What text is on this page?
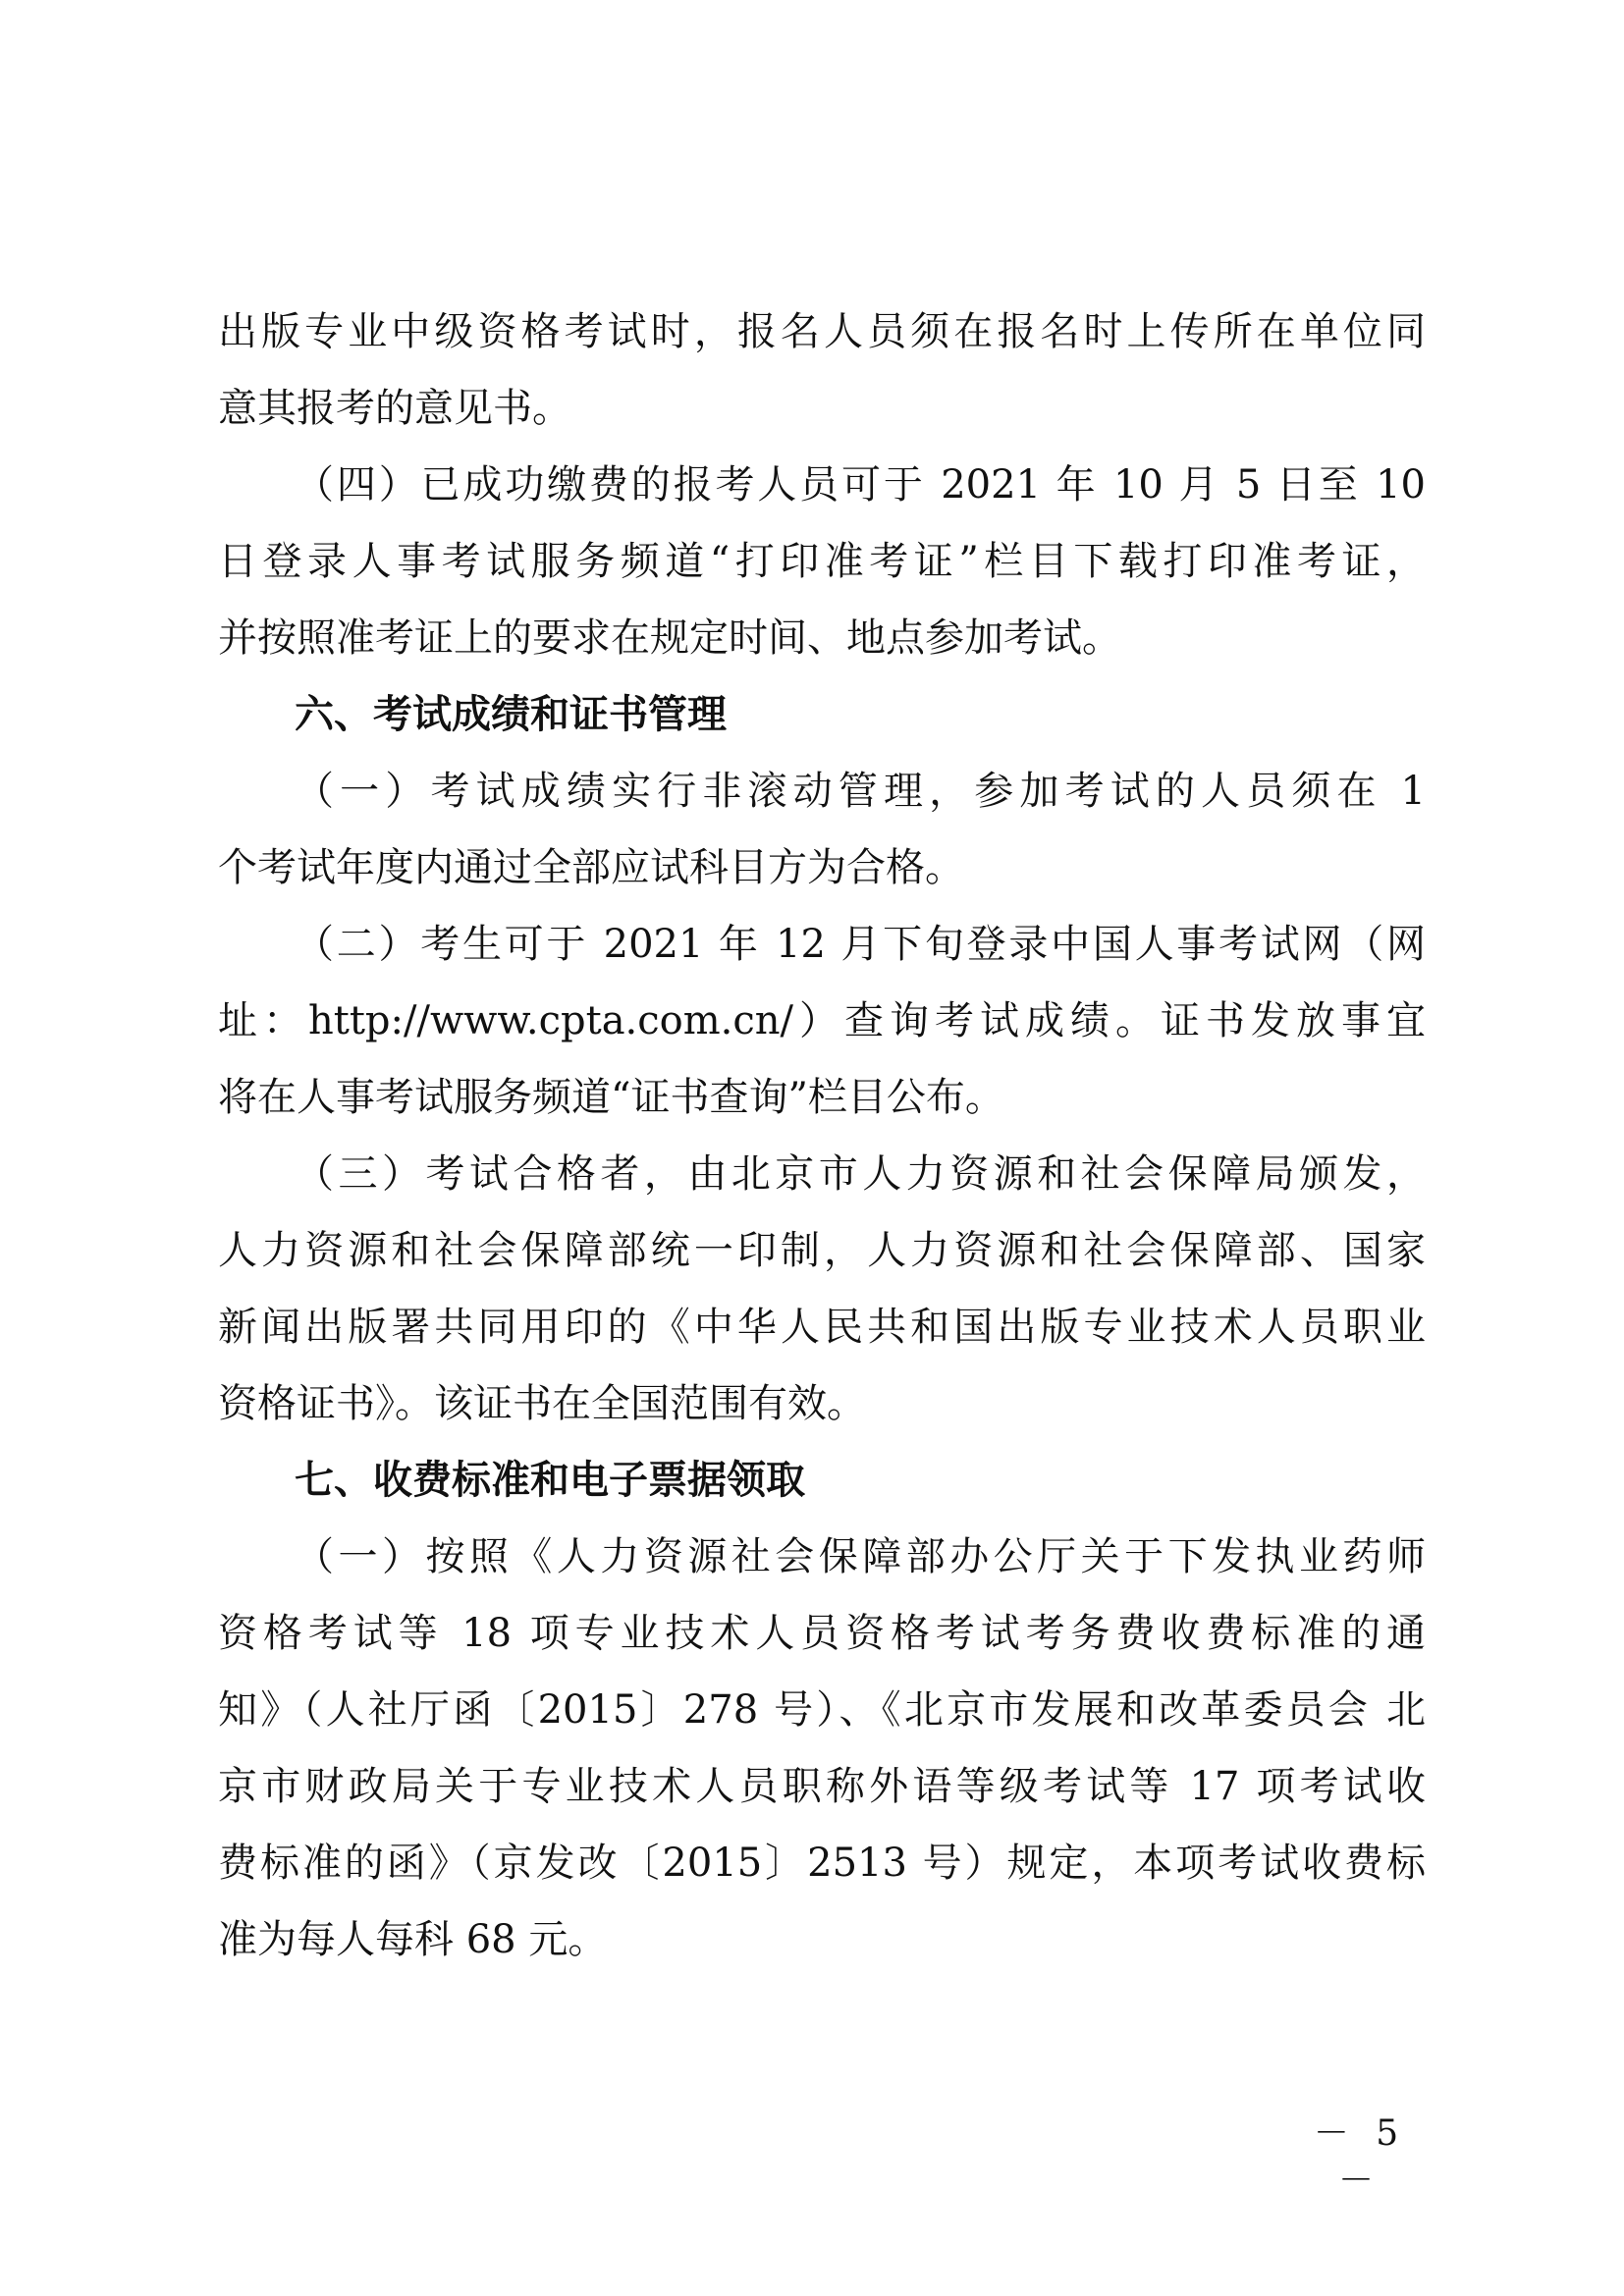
出版专业中级资格考试时，报名人员须在报名时上传所在单位同
意其报考的意见书。
（四）已成功缴费的报考人员可于 2021 年 10 月 5 日至 10
日登录人事考试服务频道“打印准考证”栏目下载打印准考证，
并按照准考证上的要求在规定时间、地点参加考试。
六、考试成绩和证书管理
（一）考试成绩实行非滚动管理，参加考试的人员须在 1
个考试年度内通过全部应试科目方为合格。
（二）考生可于 2021 年 12 月下旬登录中国人事考试网（网
址：http://www.cpta.com.cn/）查询考试成绩。证书发放事宜
将在人事考试服务频道“证书查询”栏目公布。
（三）考试合格者，由北京市人力资源和社会保障局颁发，
人力资源和社会保障部统一印制，人力资源和社会保障部、国家
新闻出版署共同用印的《中华人民共和国出版专业技术人员职业
资格证书》。该证书在全国范围有效。
七、收费标准和电子票据领取
（一）按照《人力资源社会保障部办公厅关于下发执业药师
资格考试等 18 项专业技术人员资格考试考务费收费标准的通
知》（人社厅函〔2015〕278 号）、《北京市发展和改革委员会 北
京市财政局关于专业技术人员职称外语等级考试等 17 项考试收
费标准的函》（京发改〔2015〕2513 号）规定，本项考试收费标
准为每人每科 68 元。
－ 5 －
